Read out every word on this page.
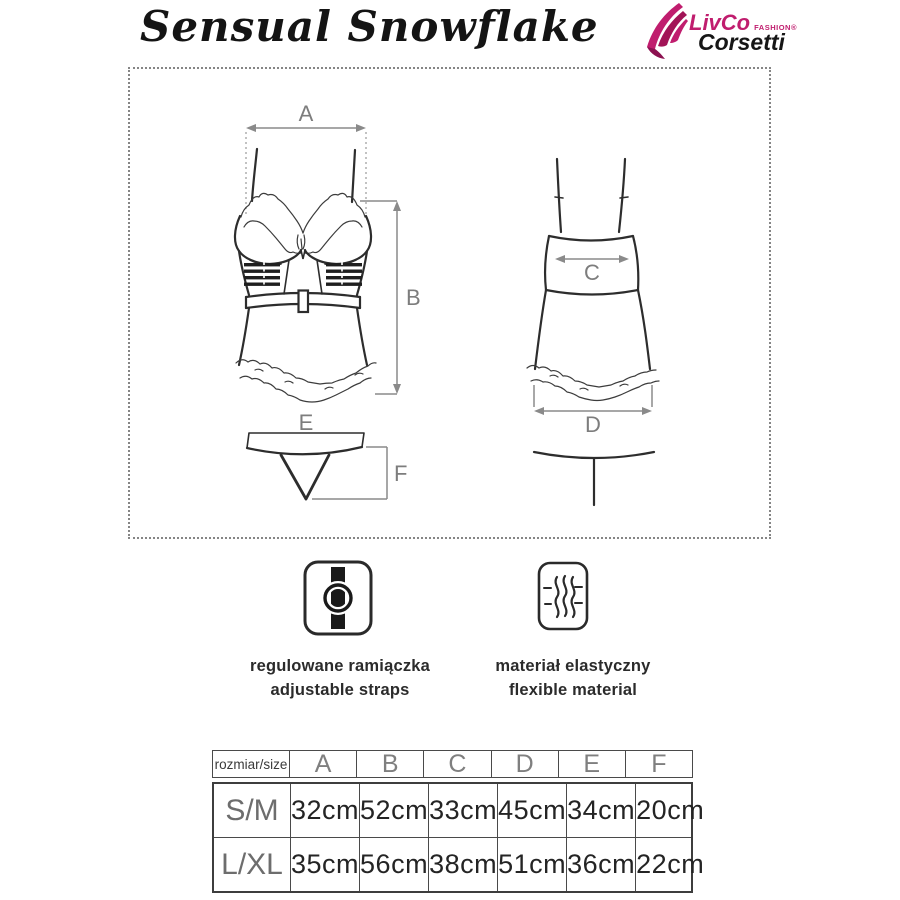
Sensual Snowflake	LivCo FASHION®
Corsetti
A
B
C
D
E
F
regulowane ramiączka
adjustable straps
materiał elastyczny
flexible material
rozmiar/size	A	B	C	D	E	F
S/M 32cm 52cm 33cm 45cm 34cm 20cm
L/XL 35cm 56cm 38cm 51cm 36cm 22cm
